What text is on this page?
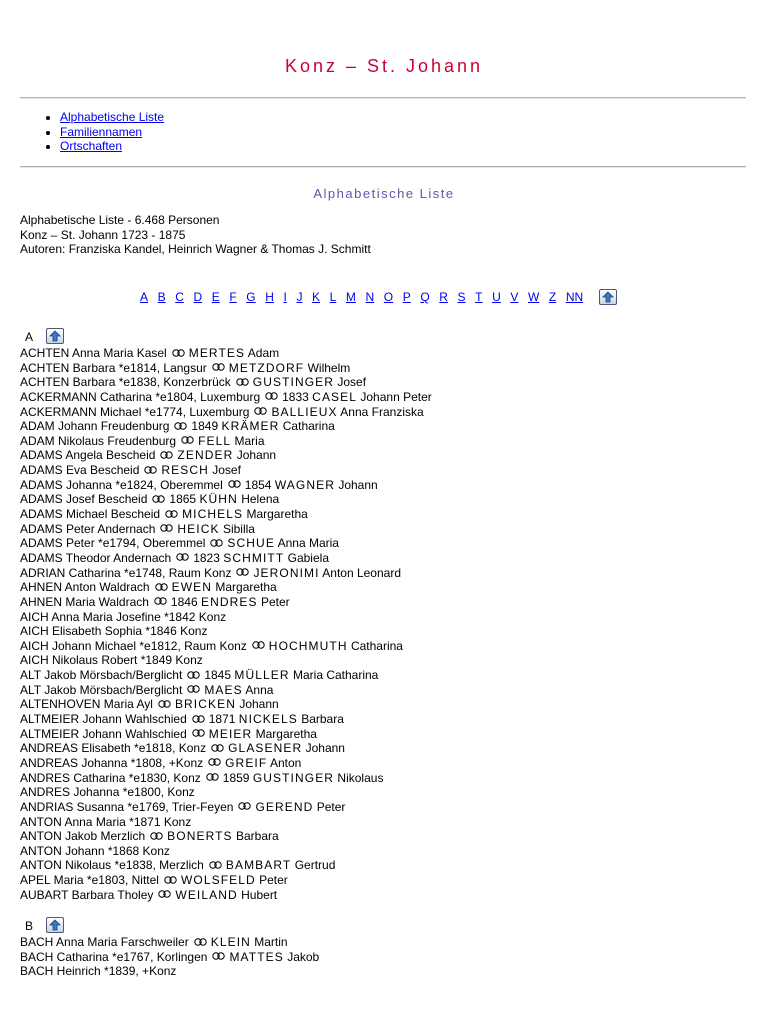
Konz – St. Johann
• Alphabetische Liste
• Familiennamen
• Ortschaften
Alphabetische Liste
Alphabetische Liste - 6.468 Personen
Konz – St. Johann 1723 - 1875
Autoren: Franziska Kandel, Heinrich Wagner & Thomas J. Schmitt
A B C D E F G H I J K L M N O P Q R S T U V W Z NN
A
ACHTEN Anna Maria Kasel MERTES Adam
ACHTEN Barbara *e1814, Langsur METZDORF Wilhelm
ACHTEN Barbara *e1838, Konzerbrück GUSTINGER Josef
ACKERMANN Catharina *e1804, Luxemburg 1833 CASEL Johann Peter
ACKERMANN Michael *e1774, Luxemburg BALLIEUX Anna Franziska
ADAM Johann Freudenburg 1849 KRÄMER Catharina
ADAM Nikolaus Freudenburg FELL Maria
ADAMS Angela Bescheid ZENDER Johann
ADAMS Eva Bescheid RESCH Josef
ADAMS Johanna *e1824, Oberemmel 1854 WAGNER Johann
ADAMS Josef Bescheid 1865 KÜHN Helena
ADAMS Michael Bescheid MICHELS Margaretha
ADAMS Peter Andernach HEICK Sibilla
ADAMS Peter *e1794, Oberemmel SCHUE Anna Maria
ADAMS Theodor Andernach 1823 SCHMITT Gabiela
ADRIAN Catharina *e1748, Raum Konz JERONIMI Anton Leonard
AHNEN Anton Waldrach EWEN Margaretha
AHNEN Maria Waldrach 1846 ENDRES Peter
AICH Anna Maria Josefine *1842 Konz
AICH Elisabeth Sophia *1846 Konz
AICH Johann Michael *e1812, Raum Konz HOCHMUTH Catharina
AICH Nikolaus Robert *1849 Konz
ALT Jakob Mörsbach/Berglicht 1845 MÜLLER Maria Catharina
ALT Jakob Mörsbach/Berglicht MAES Anna
ALTENHOVEN Maria Ayl BRICKEN Johann
ALTMEIER Johann Wahlschied 1871 NICKELS Barbara
ALTMEIER Johann Wahlschied MEIER Margaretha
ANDREAS Elisabeth *e1818, Konz GLASENER Johann
ANDREAS Johanna *1808, +Konz GREIF Anton
ANDRES Catharina *e1830, Konz 1859 GUSTINGER Nikolaus
ANDRES Johanna *e1800, Konz
ANDRIAS Susanna *e1769, Trier-Feyen GEREND Peter
ANTON Anna Maria *1871 Konz
ANTON Jakob Merzlich BONERTS Barbara
ANTON Johann *1868 Konz
ANTON Nikolaus *e1838, Merzlich BAMBART Gertrud
APEL Maria *e1803, Nittel WOLSFELD Peter
AUBART Barbara Tholey WEILAND Hubert
B
BACH Anna Maria Farschweiler KLEIN Martin
BACH Catharina *e1767, Korlingen MATTES Jakob
BACH Heinrich *1839, +Konz
